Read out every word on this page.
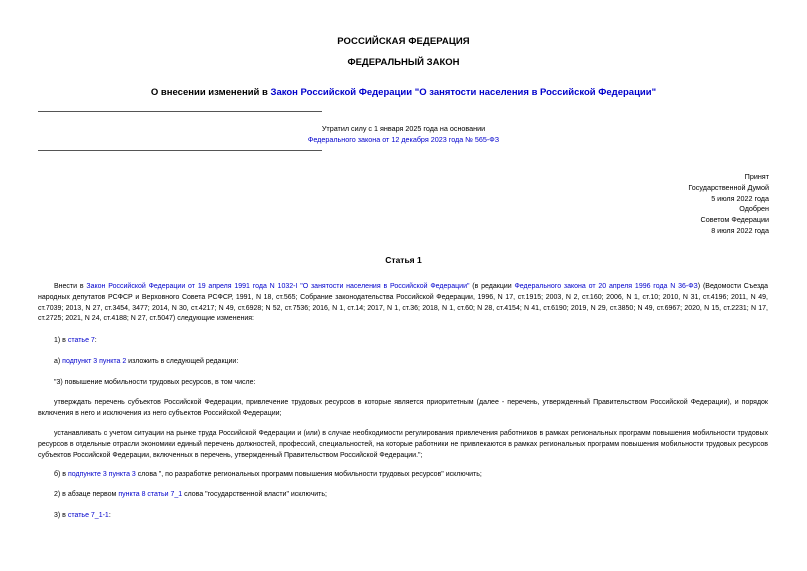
РОССИЙСКАЯ ФЕДЕРАЦИЯ
ФЕДЕРАЛЬНЫЙ ЗАКОН
О внесении изменений в Закон Российской Федерации "О занятости населения в Российской Федерации"
Утратил силу с 1 января 2025 года на основании
Федерального закона от 12 декабря 2023 года № 565-ФЗ
Принят
Государственной Думой
5 июля 2022 года
Одобрен
Советом Федерации
8 июля 2022 года
Статья 1
Внести в Закон Российской Федерации от 19 апреля 1991 года N 1032-I "О занятости населения в Российской Федерации" (в редакции Федерального закона от 20 апреля 1996 года N 36-ФЗ) (Ведомости Съезда народных депутатов РСФСР и Верховного Совета РСФСР, 1991, N 18, ст.565; Собрание законодательства Российской Федерации, 1996, N 17, ст.1915; 2003, N 2, ст.160; 2006, N 1, ст.10; 2010, N 31, ст.4196; 2011, N 49, ст.7039; 2013, N 27, ст.3454, 3477; 2014, N 30, ст.4217; N 49, ст.6928; N 52, ст.7536; 2016, N 1, ст.14; 2017, N 1, ст.36; 2018, N 1, ст.60; N 28, ст.4154; N 41, ст.6190; 2019, N 29, ст.3850; N 49, ст.6967; 2020, N 15, ст.2231; N 17, ст.2725; 2021, N 24, ст.4188; N 27, ст.5047) следующие изменения:
1) в статье 7:
а) подпункт 3 пункта 2 изложить в следующей редакции:
"3) повышение мобильности трудовых ресурсов, в том числе:
утверждать перечень субъектов Российской Федерации, привлечение трудовых ресурсов в которые является приоритетным (далее - перечень, утвержденный Правительством Российской Федерации), и порядок включения в него и исключения из него субъектов Российской Федерации;
устанавливать с учетом ситуации на рынке труда Российской Федерации и (или) в случае необходимости регулирования привлечения работников в рамках региональных программ повышения мобильности трудовых ресурсов в отдельные отрасли экономики единый перечень должностей, профессий, специальностей, на которые работники не привлекаются в рамках региональных программ повышения мобильности трудовых ресурсов субъектов Российской Федерации, включенных в перечень, утвержденный Правительством Российской Федерации.";
б) в подпункте 3 пункта 3 слова ", по разработке региональных программ повышения мобильности трудовых ресурсов" исключить;
2) в абзаце первом пункта 8 статьи 7_1 слова "государственной власти" исключить;
3) в статье 7_1-1:
